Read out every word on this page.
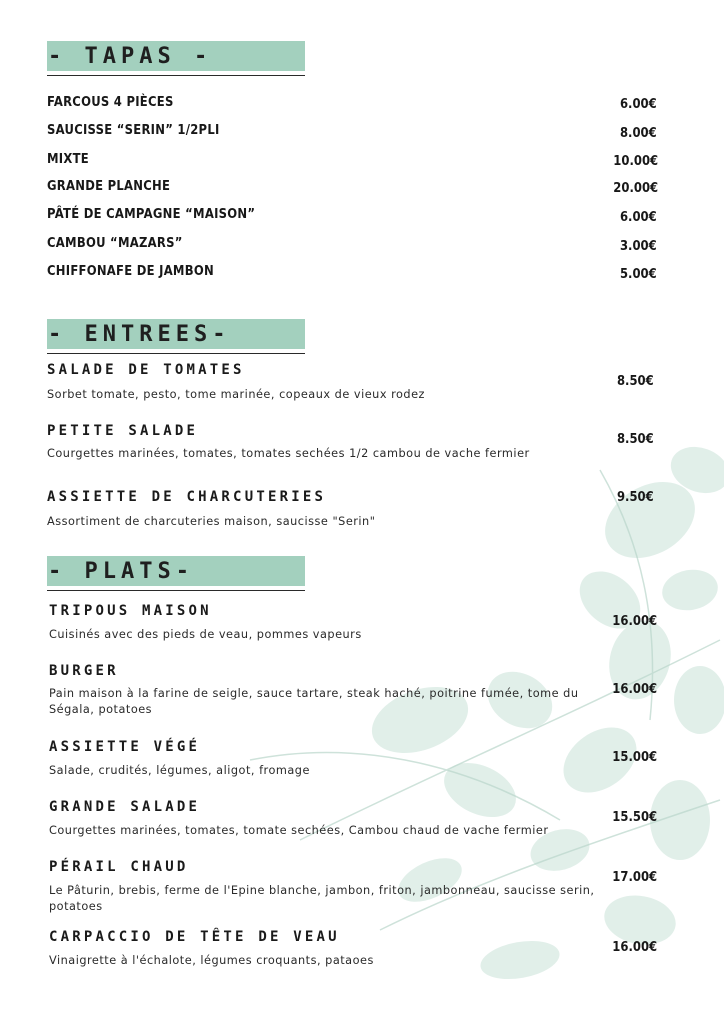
- TAPAS -
FARCOUS 4 PIÈCES	6.00€
SAUCISSE “SERIN” 1/2PLI	8.00€
MIXTE	10.00€
GRANDE PLANCHE	20.00€
PÂTÉ DE CAMPAGNE “MAISON”	6.00€
CAMBOU “MAZARS”	3.00€
CHIFFONAFE DE JAMBON	5.00€
- ENTREES-
SALADE DE TOMATES
Sorbet tomate, pesto, tome marinée, copeaux de vieux rodez
8.50€
PETITE SALADE
Courgettes marinées, tomates, tomates sechées 1/2 cambou de vache fermier
8.50€
ASSIETTE DE CHARCUTERIES
Assortiment de charcuteries maison, saucisse "Serin"
9.50€
- PLATS-
TRIPOUS MAISON
Cuisinés avec des pieds de veau, pommes vapeurs
16.00€
BURGER
Pain maison à la farine de seigle, sauce tartare, steak haché, poitrine fumée, tome du Ségala, potatoes
16.00€
ASSIETTE VÉGÉ
Salade, crudités, légumes, aligot, fromage
15.00€
GRANDE SALADE
Courgettes marinées, tomates, tomate sechées, Cambou chaud de vache fermier
15.50€
PÉRAIL CHAUD
Le Pâturin, brebis, ferme de l'Epine blanche, jambon, friton, jambonneau, saucisse serin, potatoes
17.00€
CARPACCIO DE TÊTE DE VEAU
Vinaigrette à l'échalote, légumes croquants, pataoes
16.00€
